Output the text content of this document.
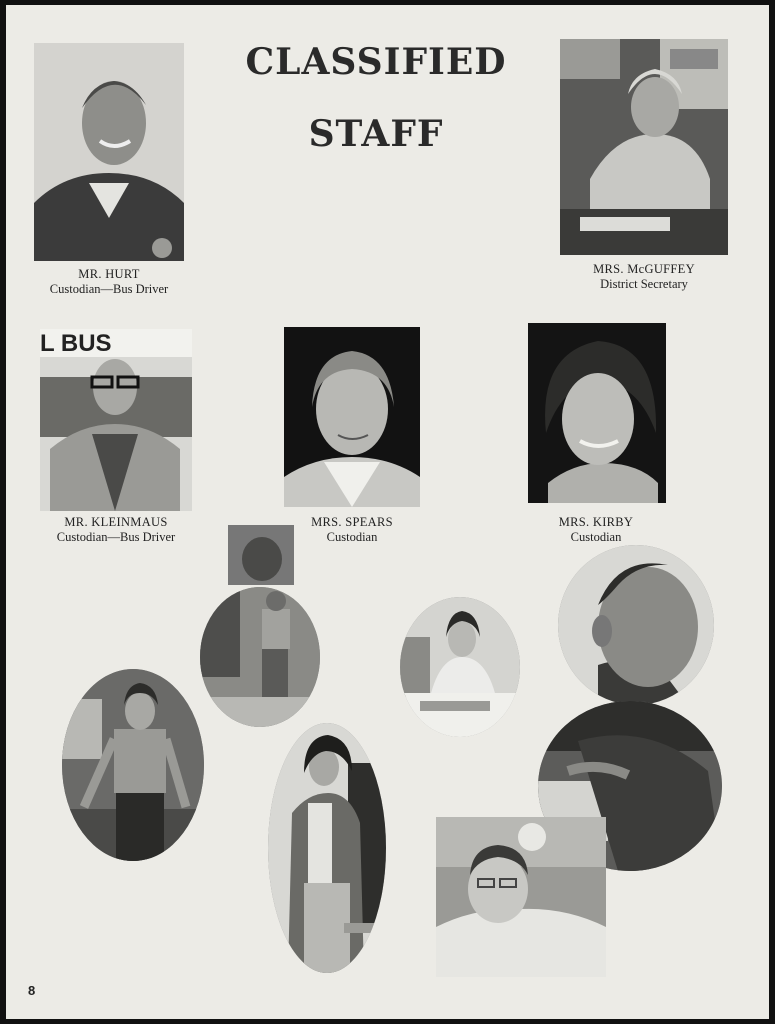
CLASSIFIED
STAFF
MR. HURT
Custodian—Bus Driver
MRS. McGUFFEY
District Secretary
L BUS
MR. KLEINMAUS
Custodian—Bus Driver
MRS. SPEARS
Custodian
MRS. KIRBY
Custodian
8
